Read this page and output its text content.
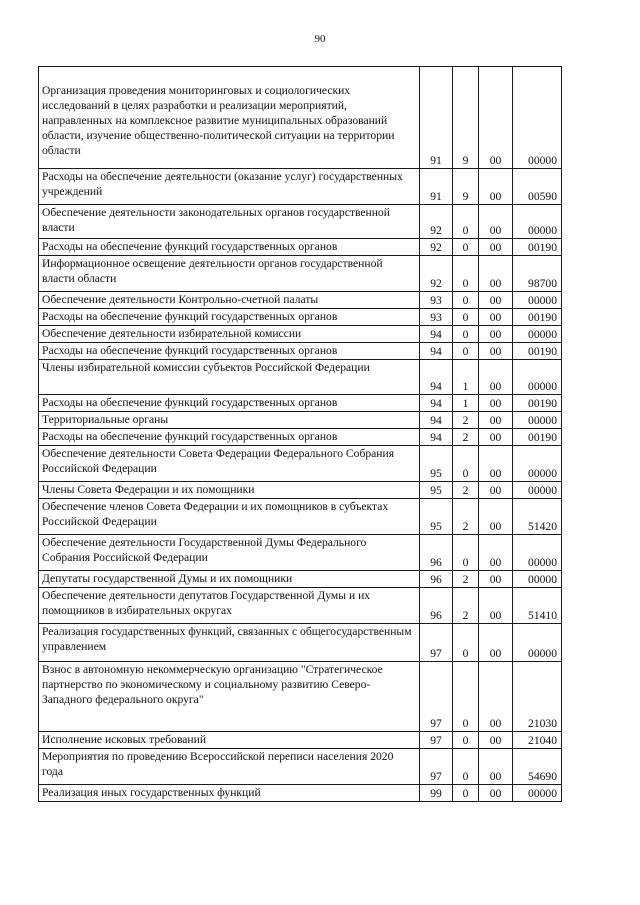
90
Организация проведения мониторинговых и социологических исследований в целях разработки и реализации мероприятий, направленных на комплексное развитие муниципальных образований области, изучение общественно-политической ситуации на территории области	91	9	00	00000
Расходы на обеспечение деятельности (оказание услуг) государственных учреждений	91	9	00	00590
Обеспечение деятельности законодательных органов государственной власти	92	0	00	00000
Расходы на обеспечение функций государственных органов	92	0	00	00190
Информационное освещение деятельности органов государственной власти области	92	0	00	98700
Обеспечение деятельности Контрольно-счетной палаты	93	0	00	00000
Расходы на обеспечение функций государственных органов	93	0	00	00190
Обеспечение деятельности избирательной комиссии	94	0	00	00000
Расходы на обеспечение функций государственных органов	94	0	00	00190
Члены избирательной комиссии субъектов Российской Федерации	94	1	00	00000
Расходы на обеспечение функций государственных органов	94	1	00	00190
Территориальные органы	94	2	00	00000
Расходы на обеспечение функций государственных органов	94	2	00	00190
Обеспечение деятельности Совета Федерации Федерального Собрания Российской Федерации	95	0	00	00000
Члены Совета Федерации и их помощники	95	2	00	00000
Обеспечение членов Совета Федерации и их помощников в субъектах Российской Федерации	95	2	00	51420
Обеспечение деятельности Государственной Думы Федерального Собрания Российской Федерации	96	0	00	00000
Депутаты государственной Думы и их помощники	96	2	00	00000
Обеспечение деятельности депутатов Государственной Думы и их помощников в избирательных округах	96	2	00	51410
Реализация государственных функций, связанных с общегосударственным управлением	97	0	00	00000
Взнос в автономную некоммерческую организацию "Стратегическое партнерство по экономическому и социальному развитию Северо-Западного федерального округа"	97	0	00	21030
Исполнение исковых требований	97	0	00	21040
Мероприятия по проведению Всероссийской переписи населения 2020 года	97	0	00	54690
Реализация иных государственных функций	99	0	00	00000
